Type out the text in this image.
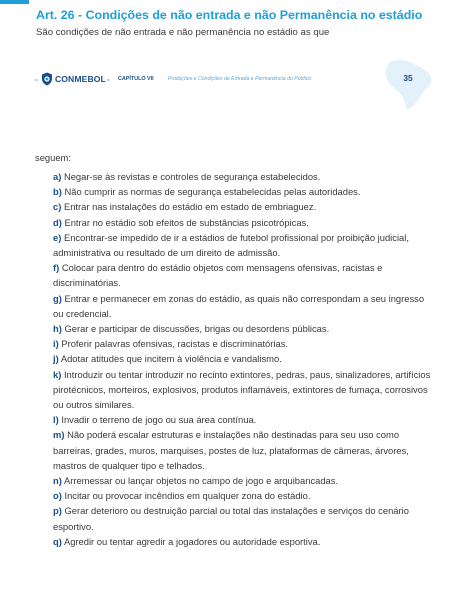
Art. 26 - Condições de não entrada e não Permanência no estádio
São condições de não entrada e não permanência no estádio as que
- CONMEBOL - CAPÍTULO VII	Proibições e Condições de Entrada e Permanência do Público	35
seguem:
a) Negar-se às revistas e controles de segurança estabelecidos.
b) Não cumprir as normas de segurança estabelecidas pelas autoridades.
c) Entrar nas instalações do estádio em estado de embriaguez.
d) Entrar no estádio sob efeitos de substâncias psicotrópicas.
e) Encontrar-se impedido de ir a estádios de futebol profissional por proibição judicial, administrativa ou resultado de um direito de admissão.
f) Colocar para dentro do estádio objetos com mensagens ofensivas, racistas e discriminatórias.
g) Entrar e permanecer em zonas do estádio, as quais não correspondam a seu ingresso ou credencial.
h) Gerar e participar de discussões, brigas ou desordens públicas.
i) Proferir palavras ofensivas, racistas e discriminatórias.
j) Adotar atitudes que incitem à violência e vandalismo.
k) Introduzir ou tentar introduzir no recinto extintores, pedras, paus, sinalizadores, artifícios pirotécnicos, morteiros, explosivos, produtos inflamáveis, extintores de fumaça, corrosivos ou outros similares.
l) Invadir o terreno de jogo ou sua área contínua.
m) Não poderá escalar estruturas e instalações não destinadas para seu uso como barreiras, grades, muros, marquises, postes de luz, plataformas de câmeras, árvores, mastros de qualquer tipo e telhados.
n) Arremessar ou lançar objetos no campo de jogo e arquibancadas.
o) Incitar ou provocar incêndios em qualquer zona do estádio.
p) Gerar deterioro ou destruição parcial ou total das instalações e serviços do cenário esportivo.
q) Agredir ou tentar agredir a jogadores ou autoridade esportiva.
